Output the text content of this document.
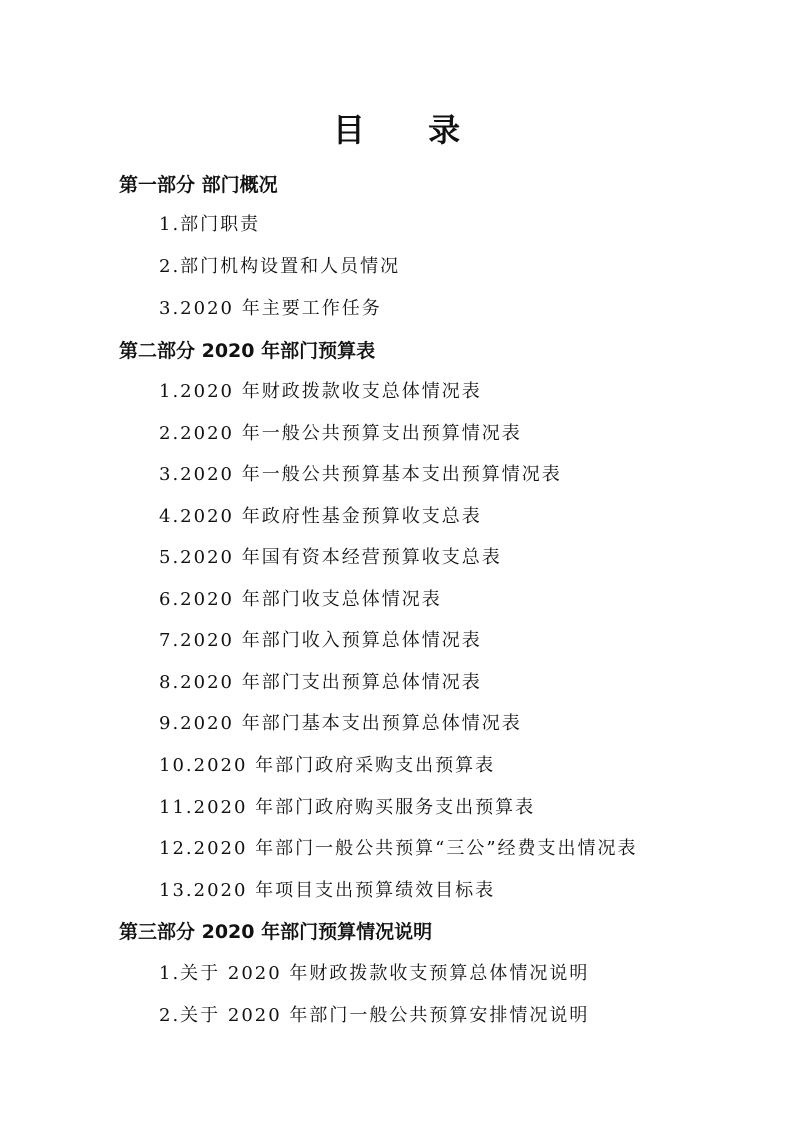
目 录
第一部分 部门概况
1.部门职责
2.部门机构设置和人员情况
3.2020 年主要工作任务
第二部分 2020 年部门预算表
1.2020 年财政拨款收支总体情况表
2.2020 年一般公共预算支出预算情况表
3.2020 年一般公共预算基本支出预算情况表
4.2020 年政府性基金预算收支总表
5.2020 年国有资本经营预算收支总表
6.2020 年部门收支总体情况表
7.2020 年部门收入预算总体情况表
8.2020 年部门支出预算总体情况表
9.2020 年部门基本支出预算总体情况表
10.2020 年部门政府采购支出预算表
11.2020 年部门政府购买服务支出预算表
12.2020 年部门一般公共预算“三公”经费支出情况表
13.2020 年项目支出预算绩效目标表
第三部分 2020 年部门预算情况说明
1.关于 2020 年财政拨款收支预算总体情况说明
2.关于 2020 年部门一般公共预算安排情况说明
